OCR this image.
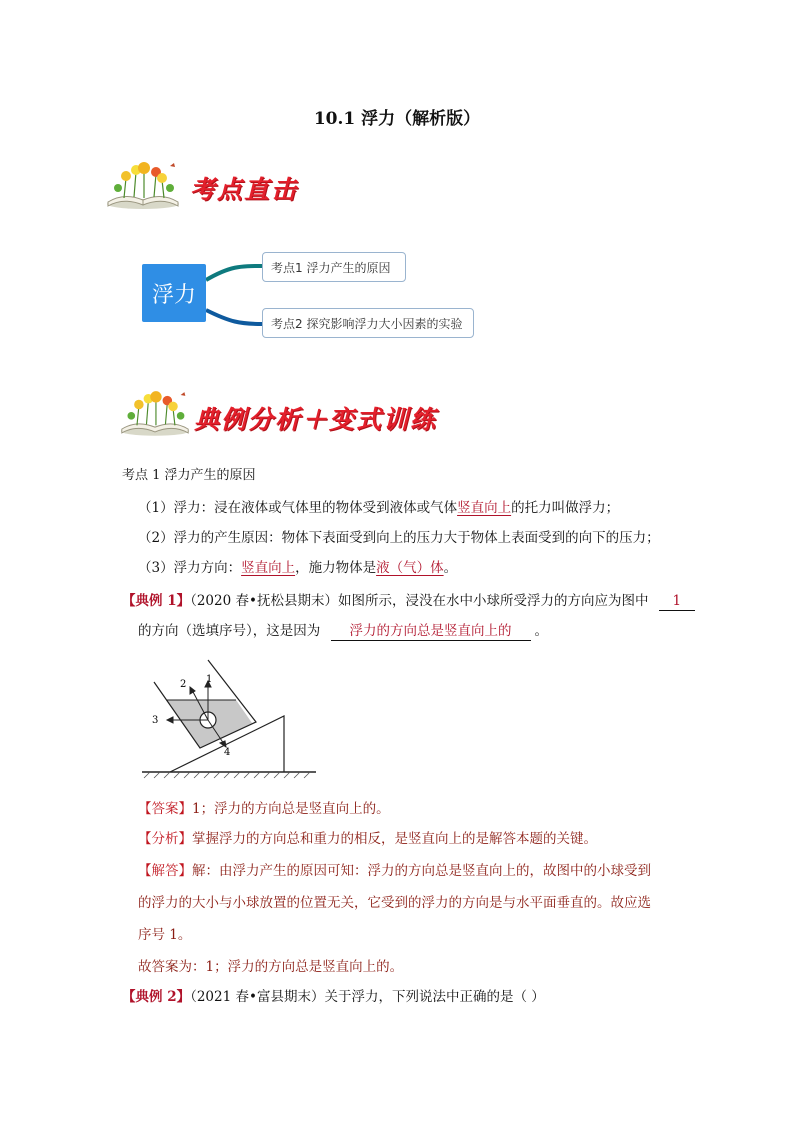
10.1 浮力（解析版）
考点直击
浮力
考点1 浮力产生的原因
考点2 探究影响浮力大小因素的实验
典例分析＋变式训练
考点 1 浮力产生的原因
（1）浮力：浸在液体或气体里的物体受到液体或气体竖直向上的托力叫做浮力；
（2）浮力的产生原因：物体下表面受到向上的压力大于物体上表面受到的向下的压力；
（3）浮力方向：竖直向上，施力物体是液（气）体。
【典例 1】（2020 春•抚松县期末）如图所示，浸没在水中小球所受浮力的方向应为图中 1
的方向（选填序号），这是因为 浮力的方向总是竖直向上的 。
1
2
3
4
【答案】1；浮力的方向总是竖直向上的。
【分析】掌握浮力的方向总和重力的相反，是竖直向上的是解答本题的关键。
【解答】解：由浮力产生的原因可知：浮力的方向总是竖直向上的，故图中的小球受到
的浮力的大小与小球放置的位置无关，它受到的浮力的方向是与水平面垂直的。故应选
序号 1。
故答案为：1；浮力的方向总是竖直向上的。
【典例 2】（2021 春•富县期末）关于浮力，下列说法中正确的是（ ）
